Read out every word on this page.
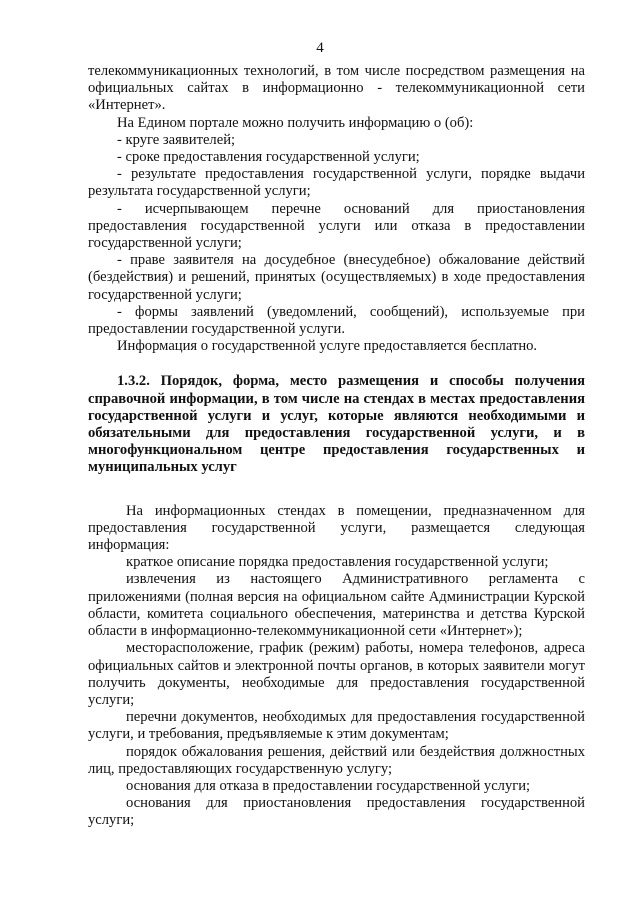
4

телекоммуникационных технологий, в том числе посредством размещения на официальных сайтах в информационно - телекоммуникационной сети «Интернет».

На Едином портале можно получить информацию о (об):

- круге заявителей;

- сроке предоставления государственной услуги;

- результате предоставления государственной услуги, порядке выдачи результата государственной услуги;

- исчерпывающем перечне оснований для приостановления предоставления государственной услуги или отказа в предоставлении государственной услуги;

- праве заявителя на досудебное (внесудебное) обжалование действий (бездействия) и решений, принятых (осуществляемых) в ходе предоставления государственной услуги;

- формы заявлений (уведомлений, сообщений), используемые при предоставлении государственной услуги.

Информация о государственной услуге предоставляется бесплатно.

1.3.2. Порядок, форма, место размещения и способы получения справочной информации, в том числе на стендах в местах предоставления государственной услуги и услуг, которые являются необходимыми и обязательными для предоставления государственной услуги, и в многофункциональном центре предоставления государственных и муниципальных услуг

На информационных стендах в помещении, предназначенном для предоставления государственной услуги, размещается следующая информация:

краткое описание порядка предоставления государственной услуги;

извлечения из настоящего Административного регламента с приложениями (полная версия на официальном сайте Администрации Курской области, комитета социального обеспечения, материнства и детства Курской области в информационно-телекоммуникационной сети «Интернет»);

месторасположение, график (режим) работы, номера телефонов, адреса официальных сайтов и электронной почты органов, в которых заявители могут получить документы, необходимые для предоставления государственной услуги;

перечни документов, необходимых для предоставления государственной услуги, и требования, предъявляемые к этим документам;

порядок обжалования решения, действий или бездействия должностных лиц, предоставляющих государственную услугу;

основания для отказа в предоставлении государственной услуги;

основания для приостановления предоставления государственной услуги;
